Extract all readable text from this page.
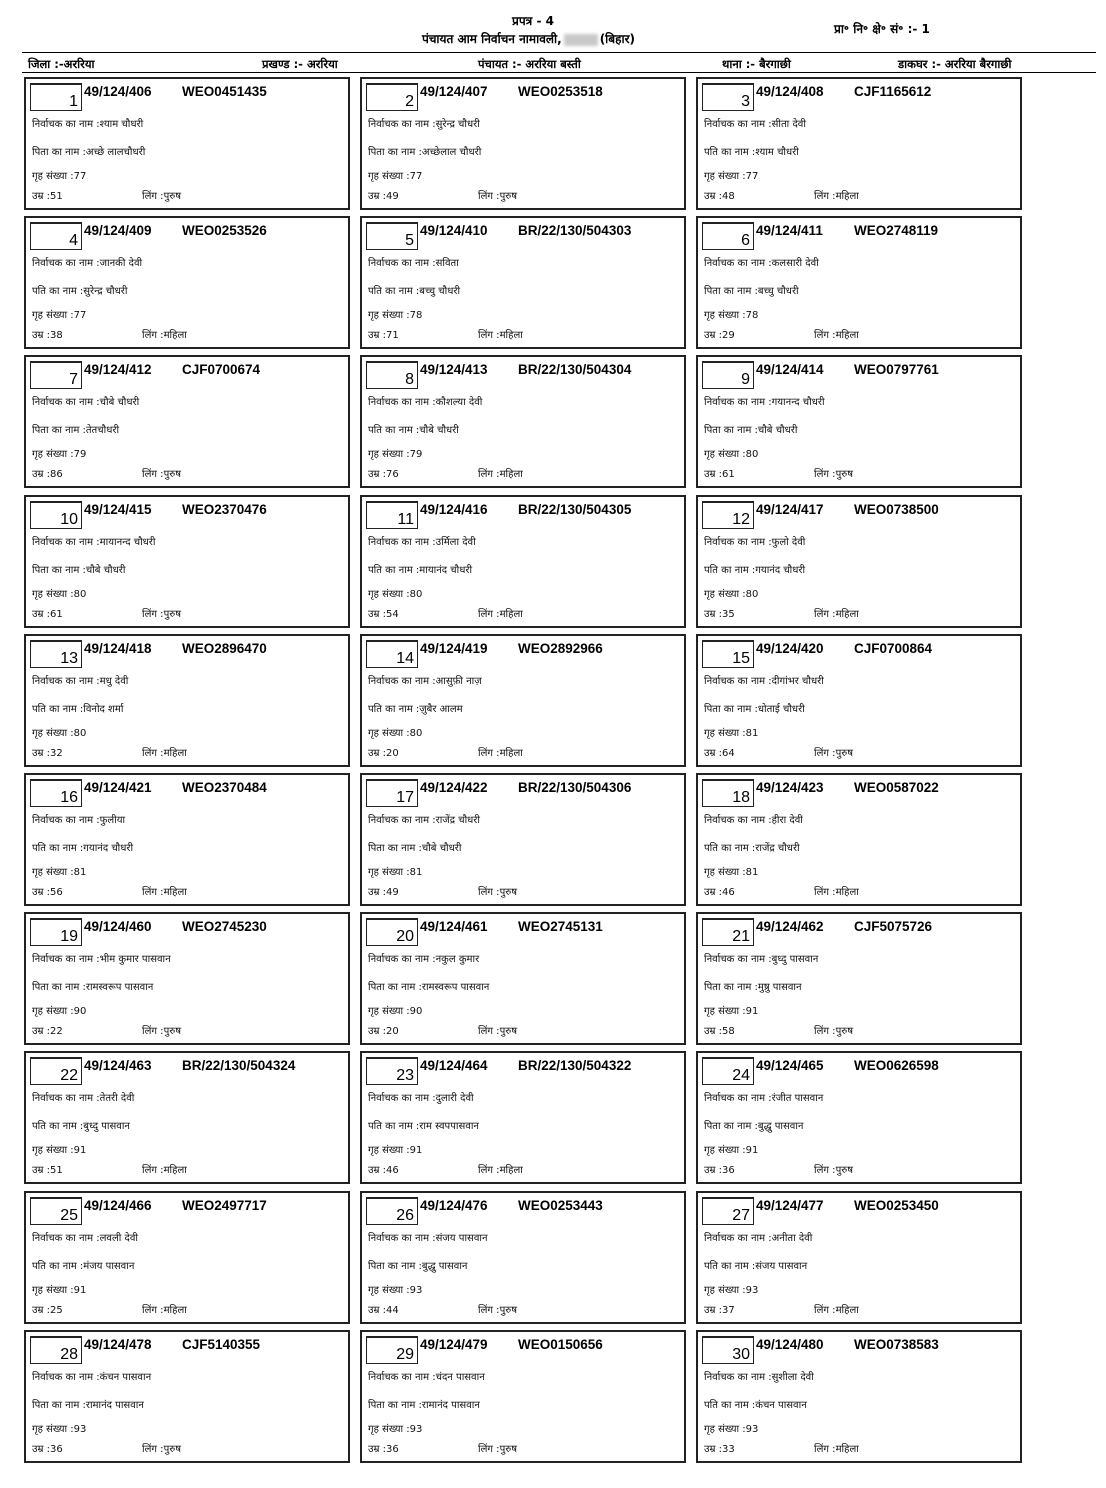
प्रपत्र - 4
पंचायत आम निर्वाचन नामावली,	(बिहार)
प्रा॰ नि॰ क्षे॰ सं॰ :- 1
जिला :-अररिया	प्रखण्ड :- अररिया	पंचायत :- अररिया बस्ती	थाना :- बैरगाछी	डाकघर :- अररिया बैरगाछी
1
49/124/406 WEO0451435
निर्वाचक का नाम :श्याम चौधरी
पिता का नाम :अच्छे लालचौधरी
गृह संख्या :77
उम्र :51	लिंग :पुरुष
2
49/124/407 WEO0253518
निर्वाचक का नाम :सुरेन्द्र चौधरी
पिता का नाम :अच्छेलाल चौधरी
गृह संख्या :77
उम्र :49	लिंग :पुरुष
3
49/124/408 CJF1165612
निर्वाचक का नाम :सीता देवी
पति का नाम :श्याम चौधरी
गृह संख्या :77
उम्र :48	लिंग :महिला
4
49/124/409 WEO0253526
निर्वाचक का नाम :जानकी देवी
पति का नाम :सुरेन्द्र चौधरी
गृह संख्या :77
उम्र :38	लिंग :महिला
5
49/124/410 BR/22/130/504303
निर्वाचक का नाम :सविता
पति का नाम :बच्चु चौधरी
गृह संख्या :78
उम्र :71	लिंग :महिला
6
49/124/411 WEO2748119
निर्वाचक का नाम :कलसारी देवी
पिता का नाम :बच्चु चौधरी
गृह संख्या :78
उम्र :29	लिंग :महिला
7
49/124/412 CJF0700674
निर्वाचक का नाम :चौबे चौधरी
पिता का नाम :तेतचौधरी
गृह संख्या :79
उम्र :86	लिंग :पुरुष
8
49/124/413 BR/22/130/504304
निर्वाचक का नाम :कौशल्या देवी
पति का नाम :चौबे चौधरी
गृह संख्या :79
उम्र :76	लिंग :महिला
9
49/124/414 WEO0797761
निर्वाचक का नाम :गयानन्द चौधरी
पिता का नाम :चौबे चौधरी
गृह संख्या :80
उम्र :61	लिंग :पुरुष
10
49/124/415 WEO2370476
निर्वाचक का नाम :मायानन्द चौधरी
पिता का नाम :चौबे चौधरी
गृह संख्या :80
उम्र :61	लिंग :पुरुष
11
49/124/416 BR/22/130/504305
निर्वाचक का नाम :उर्मिला देवी
पति का नाम :मायानंद चौधरी
गृह संख्या :80
उम्र :54	लिंग :महिला
12
49/124/417 WEO0738500
निर्वाचक का नाम :फुलो देवी
पति का नाम :गयानंद चौधरी
गृह संख्या :80
उम्र :35	लिंग :महिला
13
49/124/418 WEO2896470
निर्वाचक का नाम :मधु देवी
पति का नाम :विनोद शर्मा
गृह संख्या :80
उम्र :32	लिंग :महिला
14
49/124/419 WEO2892966
निर्वाचक का नाम :आसुफ़ी नाज़
पति का नाम :ज़ुबैर आलम
गृह संख्या :80
उम्र :20	लिंग :महिला
15
49/124/420 CJF0700864
निर्वाचक का नाम :दीगांभर चौधरी
पिता का नाम :धोताई चौधरी
गृह संख्या :81
उम्र :64	लिंग :पुरुष
16
49/124/421 WEO2370484
निर्वाचक का नाम :फुलीया
पति का नाम :गयानंद चौधरी
गृह संख्या :81
उम्र :56	लिंग :महिला
17
49/124/422 BR/22/130/504306
निर्वाचक का नाम :राजेंद्र चौधरी
पिता का नाम :चौबे चौधरी
गृह संख्या :81
उम्र :49	लिंग :पुरुष
18
49/124/423 WEO0587022
निर्वाचक का नाम :हीरा देवी
पति का नाम :राजेंद्र चौधरी
गृह संख्या :81
उम्र :46	लिंग :महिला
19
49/124/460 WEO2745230
निर्वाचक का नाम :भीम कुमार पासवान
पिता का नाम :रामस्वरूप पासवान
गृह संख्या :90
उम्र :22	लिंग :पुरुष
20
49/124/461 WEO2745131
निर्वाचक का नाम :नकुल कुमार
पिता का नाम :रामस्वरूप पासवान
गृह संख्या :90
उम्र :20	लिंग :पुरुष
21
49/124/462 CJF5075726
निर्वाचक का नाम :बुध्दु पासवान
पिता का नाम :मुष्रु पासवान
गृह संख्या :91
उम्र :58	लिंग :पुरुष
22
49/124/463 BR/22/130/504324
निर्वाचक का नाम :तेतरी देवी
पति का नाम :बुध्दु पासवान
गृह संख्या :91
उम्र :51	लिंग :महिला
23
49/124/464 BR/22/130/504322
निर्वाचक का नाम :दुलारी देवी
पति का नाम :राम स्वपपासवान
गृह संख्या :91
उम्र :46	लिंग :महिला
24
49/124/465 WEO0626598
निर्वाचक का नाम :रंजीत पासवान
पिता का नाम :बुद्धु पासवान
गृह संख्या :91
उम्र :36	लिंग :पुरुष
25
49/124/466 WEO2497717
निर्वाचक का नाम :लवली देवी
पति का नाम :मंजय पासवान
गृह संख्या :91
उम्र :25	लिंग :महिला
26
49/124/476 WEO0253443
निर्वाचक का नाम :संजय पासवान
पिता का नाम :बुद्धु पासवान
गृह संख्या :93
उम्र :44	लिंग :पुरुष
27
49/124/477 WEO0253450
निर्वाचक का नाम :अनीता देवी
पति का नाम :संजय पासवान
गृह संख्या :93
उम्र :37	लिंग :महिला
28
49/124/478 CJF5140355
निर्वाचक का नाम :कंचन पासवान
पिता का नाम :रामानंद पासवान
गृह संख्या :93
उम्र :36	लिंग :पुरुष
29
49/124/479 WEO0150656
निर्वाचक का नाम :चंदन पासवान
पिता का नाम :रामानंद पासवान
गृह संख्या :93
उम्र :36	लिंग :पुरुष
30
49/124/480 WEO0738583
निर्वाचक का नाम :सुशीला देवी
पति का नाम :कंचन पासवान
गृह संख्या :93
उम्र :33	लिंग :महिला
